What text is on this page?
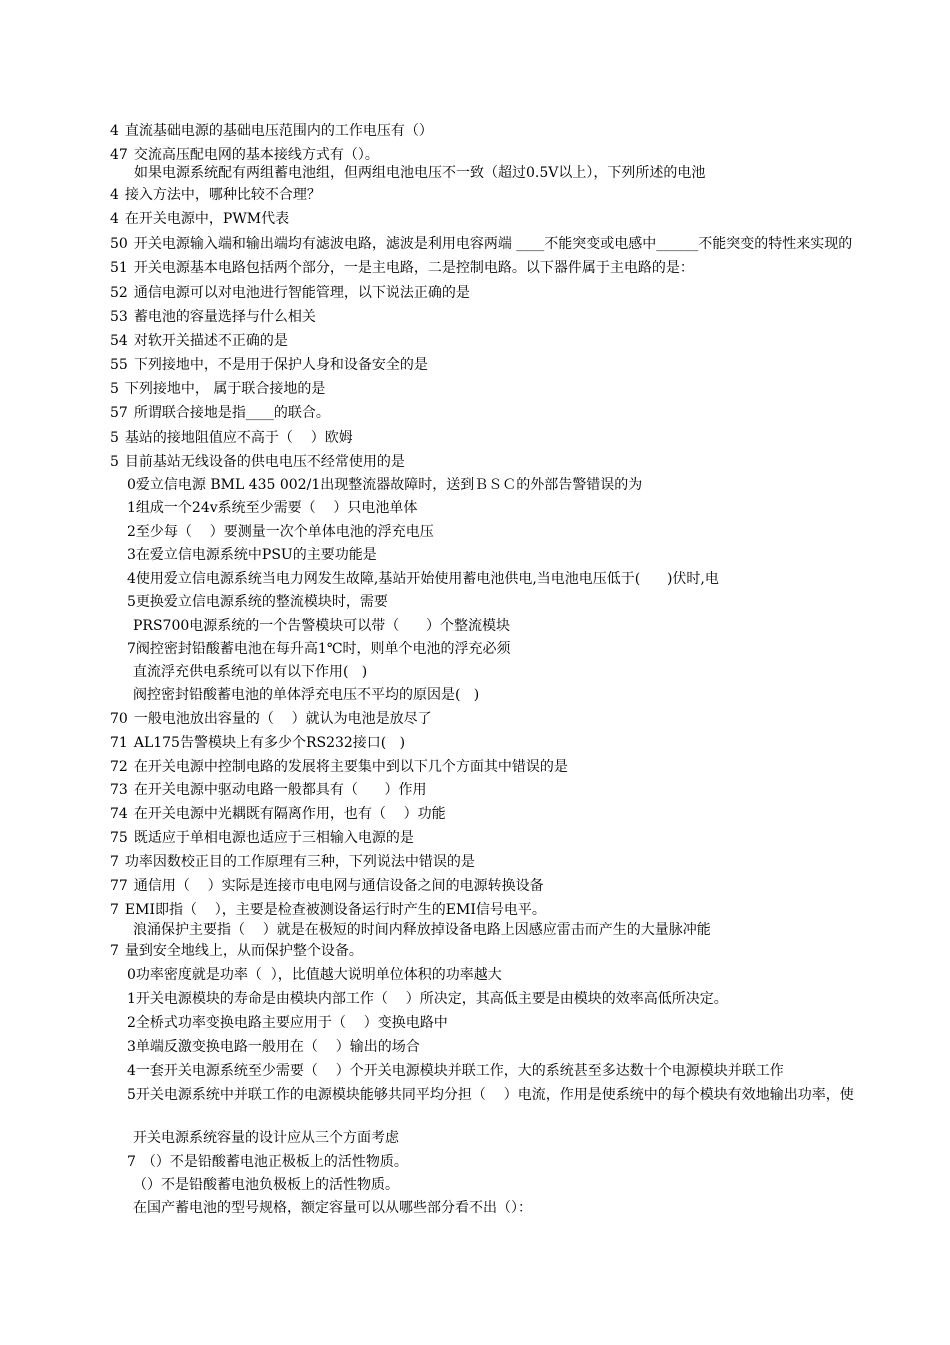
4 直流基础电源的基础电压范围内的工作电压有（）
47 交流高压配电网的基本接线方式有（）。
如果电源系统配有两组蓄电池组，但两组电池电压不一致（超过0.5V以上），下列所述的电池
4 接入方法中，哪种比较不合理？
4 在开关电源中，PWM代表
50 开关电源输入端和输出端均有滤波电路，滤波是利用电容两端 ____不能突变或电感中______不能突变的特性来实现的
51 开关电源基本电路包括两个部分，一是主电路，二是控制电路。以下器件属于主电路的是：
52 通信电源可以对电池进行智能管理，以下说法正确的是
53 蓄电池的容量选择与什么相关
54 对软开关描述不正确的是
55 下列接地中，不是用于保护人身和设备安全的是
5 下列接地中， 属于联合接地的是
57 所谓联合接地是指____的联合。
5 基站的接地阻值应不高于（    ）欧姆
5 目前基站无线设备的供电电压不经常使用的是
0爱立信电源 BML 435 002/1出现整流器故障时，送到ＢＳＣ的外部告警错误的为
1组成一个24v系统至少需要（    ）只电池单体
2至少每（    ）要测量一次个单体电池的浮充电压
3在爱立信电源系统中PSU的主要功能是
4使用爱立信电源系统当电力网发生故障,基站开始使用蓄电池供电,当电池电压低于(      )伏时,电
5更换爱立信电源系统的整流模块时，需要
PRS700电源系统的一个告警模块可以带（      ）个整流模块
7阀控密封铅酸蓄电池在每升高1℃时，则单个电池的浮充必须
直流浮充供电系统可以有以下作用(   )
阀控密封铅酸蓄电池的单体浮充电压不平均的原因是(   )
70 一般电池放出容量的（    ）就认为电池是放尽了
71 AL175告警模块上有多少个RS232接口(   )
72 在开关电源中控制电路的发展将主要集中到以下几个方面其中错误的是
73 在开关电源中驱动电路一般都具有（      ）作用
74 在开关电源中光耦既有隔离作用，也有（    ）功能
75 既适应于单相电源也适应于三相输入电源的是
7 功率因数校正目的工作原理有三种，下列说法中错误的是
77 通信用（    ）实际是连接市电电网与通信设备之间的电源转换设备
7 EMI即指（    ），主要是检查被测设备运行时产生的EMI信号电平。
浪涌保护主要指（    ）就是在极短的时间内释放掉设备电路上因感应雷击而产生的大量脉冲能
7 量到安全地线上，从而保护整个设备。
0功率密度就是功率（  ），比值越大说明单位体积的功率越大
1开关电源模块的寿命是由模块内部工作（    ）所决定，其高低主要是由模块的效率高低所决定。
2全桥式功率变换电路主要应用于（    ）变换电路中
3单端反激变换电路一般用在（    ）输出的场合
4一套开关电源系统至少需要（    ）个开关电源模块并联工作，大的系统甚至多达数十个电源模块并联工作
5开关电源系统中并联工作的电源模块能够共同平均分担（    ）电流，作用是使系统中的每个模块有效地输出功率，使
开关电源系统容量的设计应从三个方面考虑
7 （）不是铅酸蓄电池正极板上的活性物质。
（）不是铅酸蓄电池负极板上的活性物质。
在国产蓄电池的型号规格，额定容量可以从哪些部分看不出（）：
